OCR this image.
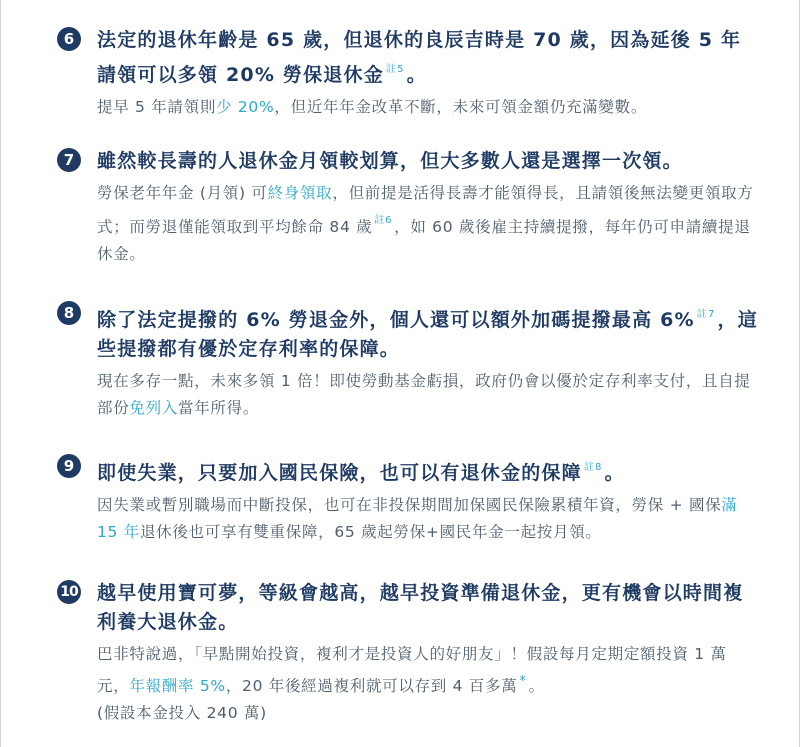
6	法定的退休年齡是 65 歲，但退休的良辰吉時是 70 歲，因為延後 5 年請領可以多領 20% 勞保退休金 $^{註5}$ 。
提早 5 年請領則少 20%，但近年年金改革不斷，未來可領金額仍充滿變數。
7	雖然較長壽的人退休金月領較划算，但大多數人還是選擇一次領。
勞保老年年金 (月領) 可終身領取，但前提是活得長壽才能領得長，且請領後無法變更領取方式；而勞退僅能領取到平均餘命 84 歲 $^{註6}$ ，如 60 歲後雇主持續提撥，每年仍可申請續提退休金。
8	除了法定提撥的 6% 勞退金外，個人還可以額外加碼提撥最高 6% $^{註7}$ ，這些提撥都有優於定存利率的保障。
現在多存一點，未來多領 1 倍！即使勞動基金虧損，政府仍會以優於定存利率支付，且自提部份免列入當年所得。
9	即使失業，只要加入國民保險，也可以有退休金的保障 $^{註8}$ 。
因失業或暫別職場而中斷投保，也可在非投保期間加保國民保險累積年資，勞保 + 國保滿 15 年退休後也可享有雙重保障，65 歲起勞保+國民年金一起按月領。
10 越早使用寶可夢，等級會越高，越早投資準備退休金，更有機會以時間複利養大退休金。
巴非特說過，「早點開始投資，複利才是投資人的好朋友」！假設每月定期定額投資 1 萬元，年報酬率 5%，20 年後經過複利就可以存到 4 百多萬 * 。
(假設本金投入 240 萬)
